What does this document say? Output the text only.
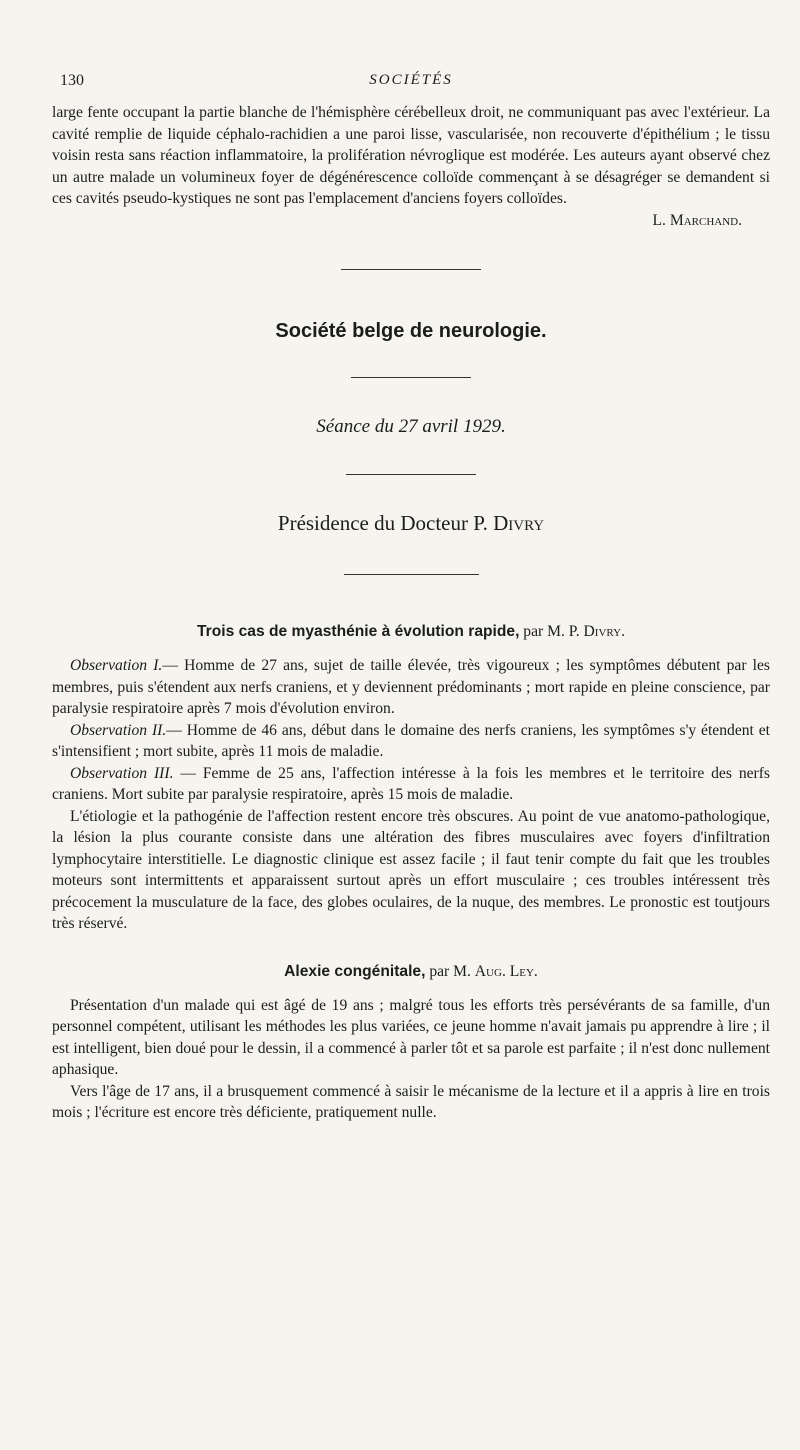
130	SOCIÉTÉS

large fente occupant la partie blanche de l'hémisphère cérébelleux droit, ne communiquant pas avec l'extérieur. La cavité remplie de liquide céphalo-rachidien a une paroi lisse, vascularisée, non recouverte d'épithélium ; le tissu voisin resta sans réaction inflammatoire, la prolifération névroglique est modérée. Les auteurs ayant observé chez un autre malade un volumineux foyer de dégénérescence colloïde commençant à se désagréger se demandent si ces cavités pseudo-kystiques ne sont pas l'emplacement d'anciens foyers colloïdes.
L. Marchand.

Société belge de neurologie.
Séance du 27 avril 1929.
Présidence du Docteur P. Divry
Trois cas de myasthénie à évolution rapide, par M. P. Divry.

Observation I.— Homme de 27 ans, sujet de taille élevée, très vigoureux ; les symptômes débutent par les membres, puis s'étendent aux nerfs craniens, et y deviennent prédominants ; mort rapide en pleine conscience, par paralysie respiratoire après 7 mois d'évolution environ.

Observation II.— Homme de 46 ans, début dans le domaine des nerfs craniens, les symptômes s'y étendent et s'intensifient ; mort subite, après 11 mois de maladie.

Observation III. — Femme de 25 ans, l'affection intéresse à la fois les membres et le territoire des nerfs craniens. Mort subite par paralysie respiratoire, après 15 mois de maladie.

L'étiologie et la pathogénie de l'affection restent encore très obscures. Au point de vue anatomo-pathologique, la lésion la plus courante consiste dans une altération des fibres musculaires avec foyers d'infiltration lymphocytaire interstitielle. Le diagnostic clinique est assez facile ; il faut tenir compte du fait que les troubles moteurs sont intermittents et apparaissent surtout après un effort musculaire ; ces troubles intéressent très précocement la musculature de la face, des globes oculaires, de la nuque, des membres. Le pronostic est toutjours très réservé.

Alexie congénitale, par M. Aug. Ley.

Présentation d'un malade qui est âgé de 19 ans ; malgré tous les efforts très persévérants de sa famille, d'un personnel compétent, utilisant les méthodes les plus variées, ce jeune homme n'avait jamais pu apprendre à lire ; il est intelligent, bien doué pour le dessin, il a commencé à parler tôt et sa parole est parfaite ; il n'est donc nullement aphasique.

Vers l'âge de 17 ans, il a brusquement commencé à saisir le mécanisme de la lecture et il a appris à lire en trois mois ; l'écriture est encore très déficiente, pratiquement nulle.
